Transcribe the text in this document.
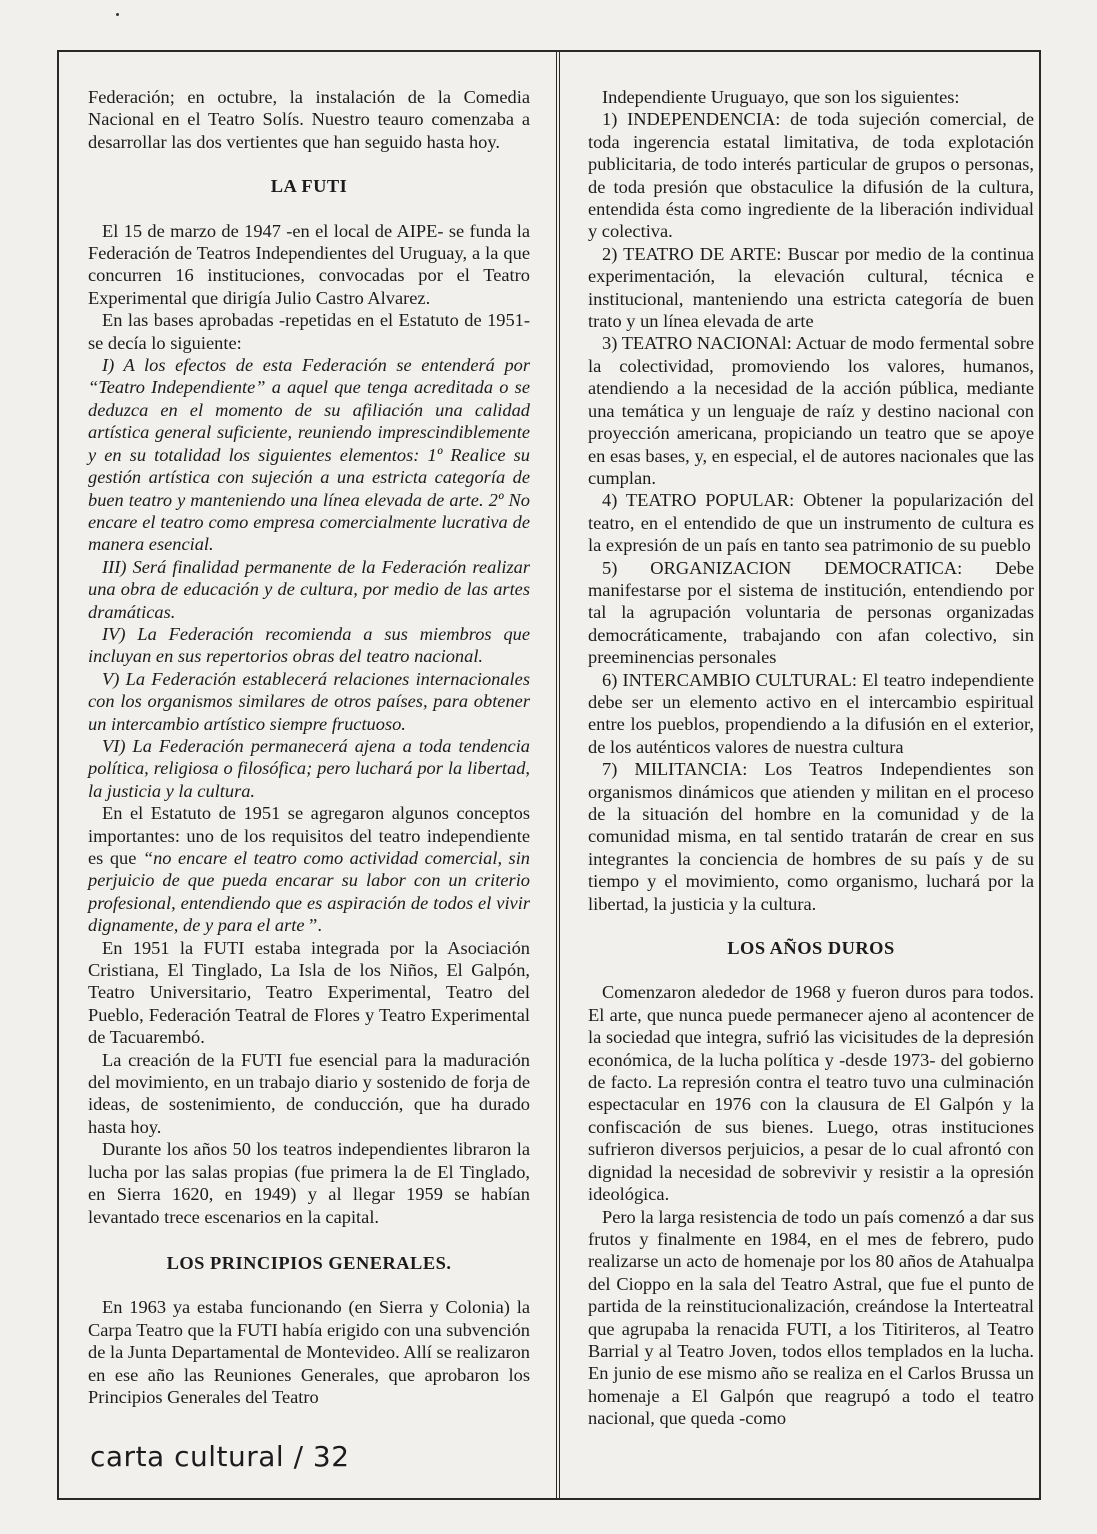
Federación; en octubre, la instalación de la Comedia Nacional en el Teatro Solís. Nuestro teauro comenzaba a desarrollar las dos vertientes que han seguido hasta hoy.

LA FUTI

El 15 de marzo de 1947 -en el local de AIPE- se funda la Federación de Teatros Independientes del Uruguay, a la que concurren 16 instituciones, convocadas por el Teatro Experimental que dirigía Julio Castro Alvarez.

En las bases aprobadas -repetidas en el Estatuto de 1951- se decía lo siguiente:

I) A los efectos de esta Federación se entenderá por “Teatro Independiente” a aquel que tenga acreditada o se deduzca en el momento de su afiliación una calidad artística general suficiente, reuniendo imprescindiblemente y en su totalidad los siguientes elementos: 1º Realice su gestión artística con sujeción a una estricta categoría de buen teatro y manteniendo una línea elevada de arte. 2º No encare el teatro como empresa comercialmente lucrativa de manera esencial.

III) Será finalidad permanente de la Federación realizar una obra de educación y de cultura, por medio de las artes dramáticas.

IV) La Federación recomienda a sus miembros que incluyan en sus repertorios obras del teatro nacional.

V) La Federación establecerá relaciones internacionales con los organismos similares de otros países, para obtener un intercambio artístico siempre fructuoso.

VI) La Federación permanecerá ajena a toda tendencia política, religiosa o filosófica; pero luchará por la libertad, la justicia y la cultura.

En el Estatuto de 1951 se agregaron algunos conceptos importantes: uno de los requisitos del teatro independiente es que “no encare el teatro como actividad comercial, sin perjuicio de que pueda encarar su labor con un criterio profesional, entendiendo que es aspiración de todos el vivir dignamente, de y para el arte ”.

En 1951 la FUTI estaba integrada por la Asociación Cristiana, El Tinglado, La Isla de los Niños, El Galpón, Teatro Universitario, Teatro Experimental, Teatro del Pueblo, Federación Teatral de Flores y Teatro Experimental de Tacuarembó.

La creación de la FUTI fue esencial para la maduración del movimiento, en un trabajo diario y sostenido de forja de ideas, de sostenimiento, de conducción, que ha durado hasta hoy.

Durante los años 50 los teatros independientes libraron la lucha por las salas propias (fue primera la de El Tinglado, en Sierra 1620, en 1949) y al llegar 1959 se habían levantado trece escenarios en la capital.

LOS PRINCIPIOS GENERALES.

En 1963 ya estaba funcionando (en Sierra y Colonia) la Carpa Teatro que la FUTI había erigido con una subvención de la Junta Departamental de Montevideo. Allí se realizaron en ese año las Reuniones Generales, que aprobaron los Principios Generales del Teatro

Independiente Uruguayo, que son los siguientes:

1) INDEPENDENCIA: de toda sujeción comercial, de toda ingerencia estatal limitativa, de toda explotación publicitaria, de todo interés particular de grupos o personas, de toda presión que obstaculice la difusión de la cultura, entendida ésta como ingrediente de la liberación individual y colectiva.

2) TEATRO DE ARTE: Buscar por medio de la continua experimentación, la elevación cultural, técnica e institucional, manteniendo una estricta categoría de buen trato y un línea elevada de arte

3) TEATRO NACIONAl: Actuar de modo fermental sobre la colectividad, promoviendo los valores, humanos, atendiendo a la necesidad de la acción pública, mediante una temática y un lenguaje de raíz y destino nacional con proyección americana, propiciando un teatro que se apoye en esas bases, y, en especial, el de autores nacionales que las cumplan.

4) TEATRO POPULAR: Obtener la popularización del teatro, en el entendido de que un instrumento de cultura es la expresión de un país en tanto sea patrimonio de su pueblo

5) ORGANIZACION DEMOCRATICA: Debe manifestarse por el sistema de institución, entendiendo por tal la agrupación voluntaria de personas organizadas democráticamente, trabajando con afan colectivo, sin preeminencias personales

6) INTERCAMBIO CULTURAL: El teatro independiente debe ser un elemento activo en el intercambio espiritual entre los pueblos, propendiendo a la difusión en el exterior, de los auténticos valores de nuestra cultura

7) MILITANCIA: Los Teatros Independientes son organismos dinámicos que atienden y militan en el proceso de la situación del hombre en la comunidad y de la comunidad misma, en tal sentido tratarán de crear en sus integrantes la conciencia de hombres de su país y de su tiempo y el movimiento, como organismo, luchará por la libertad, la justicia y la cultura.

LOS AÑOS DUROS

Comenzaron alededor de 1968 y fueron duros para todos. El arte, que nunca puede permanecer ajeno al acontencer de la sociedad que integra, sufrió las vicisitudes de la depresión económica, de la lucha política y -desde 1973- del gobierno de facto. La represión contra el teatro tuvo una culminación espectacular en 1976 con la clausura de El Galpón y la confiscación de sus bienes. Luego, otras instituciones sufrieron diversos perjuicios, a pesar de lo cual afrontó con dignidad la necesidad de sobrevivir y resistir a la opresión ideológica.

Pero la larga resistencia de todo un país comenzó a dar sus frutos y finalmente en 1984, en el mes de febrero, pudo realizarse un acto de homenaje por los 80 años de Atahualpa del Cioppo en la sala del Teatro Astral, que fue el punto de partida de la reinstitucionalización, creándose la Interteatral que agrupaba la renacida FUTI, a los Titiriteros, al Teatro Barrial y al Teatro Joven, todos ellos templados en la lucha. En junio de ese mismo año se realiza en el Carlos Brussa un homenaje a El Galpón que reagrupó a todo el teatro nacional, que queda -como

carta cultural / 32
